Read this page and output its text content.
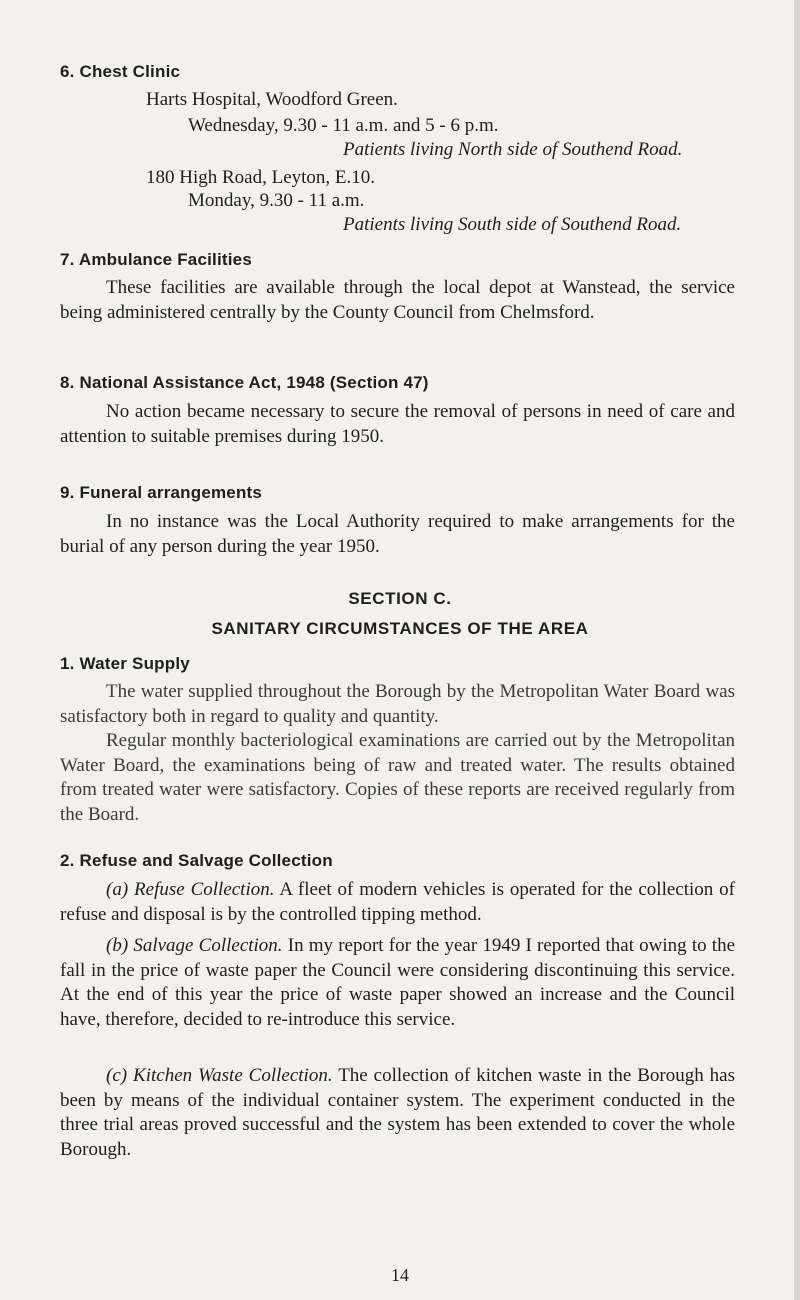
6. Chest Clinic
Harts Hospital, Woodford Green.
Wednesday, 9.30 - 11 a.m. and 5 - 6 p.m.
Patients living North side of Southend Road.
180 High Road, Leyton, E.10.
Monday, 9.30 - 11 a.m.
Patients living South side of Southend Road.
7. Ambulance Facilities
These facilities are available through the local depot at Wanstead, the service being administered centrally by the County Council from Chelmsford.
8. National Assistance Act, 1948 (Section 47)
No action became necessary to secure the removal of persons in need of care and attention to suitable premises during 1950.
9. Funeral arrangements
In no instance was the Local Authority required to make arrangements for the burial of any person during the year 1950.
SECTION C.
SANITARY CIRCUMSTANCES OF THE AREA
1. Water Supply
The water supplied throughout the Borough by the Metropolitan Water Board was satisfactory both in regard to quality and quantity.
Regular monthly bacteriological examinations are carried out by the Metropolitan Water Board, the examinations being of raw and treated water. The results obtained from treated water were satisfactory. Copies of these reports are received regularly from the Board.
2. Refuse and Salvage Collection
(a) Refuse Collection. A fleet of modern vehicles is operated for the collection of refuse and disposal is by the controlled tipping method.
(b) Salvage Collection. In my report for the year 1949 I reported that owing to the fall in the price of waste paper the Council were considering discontinuing this service. At the end of this year the price of waste paper showed an increase and the Council have, therefore, decided to re-introduce this service.
(c) Kitchen Waste Collection. The collection of kitchen waste in the Borough has been by means of the individual container system. The experiment conducted in the three trial areas proved successful and the system has been extended to cover the whole Borough.
14
